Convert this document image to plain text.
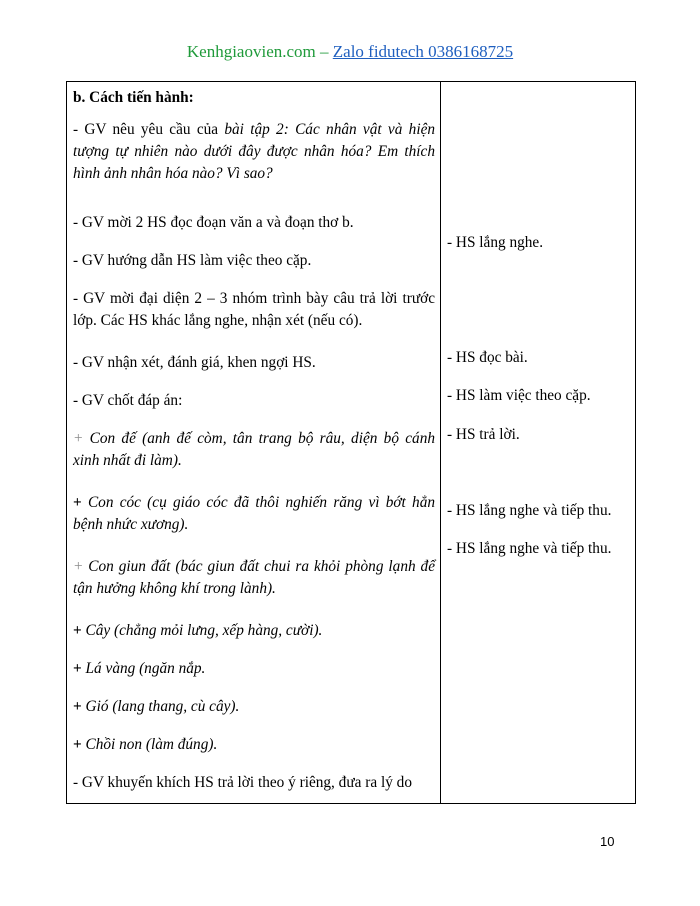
Kenhgiaovien.com – Zalo fidutech 0386168725
b. Cách tiến hành:
- GV nêu yêu cầu của bài tập 2: Các nhân vật và hiện tượng tự nhiên nào dưới đây được nhân hóa? Em thích hình ảnh nhân hóa nào? Vì sao?
- GV mời 2 HS đọc đoạn văn a và đoạn thơ b.
- GV hướng dẫn HS làm việc theo cặp.
- GV mời đại diện 2 – 3 nhóm trình bày câu trả lời trước lớp. Các HS khác lắng nghe, nhận xét (nếu có).
- GV nhận xét, đánh giá, khen ngợi HS.
- GV chốt đáp án:
+ Con đế (anh đế còm, tân trang bộ râu, diện bộ cánh xinh nhất đi làm).
+ Con cóc (cụ giáo cóc đã thôi nghiến răng vì bớt hẳn bệnh nhức xương).
+ Con giun đất (bác giun đất chui ra khỏi phòng lạnh để tận hưởng không khí trong lành).
+ Cây (chẳng mỏi lưng, xếp hàng, cười).
+ Lá vàng (ngăn nắp.
+ Gió (lang thang, cù cây).
+ Chồi non (làm đúng).
- GV khuyến khích HS trả lời theo ý riêng, đưa ra lý do
- HS lắng nghe.
- HS đọc bài.
- HS làm việc theo cặp.
- HS trả lời.
- HS lắng nghe và tiếp thu.
- HS lắng nghe và tiếp thu.
10
